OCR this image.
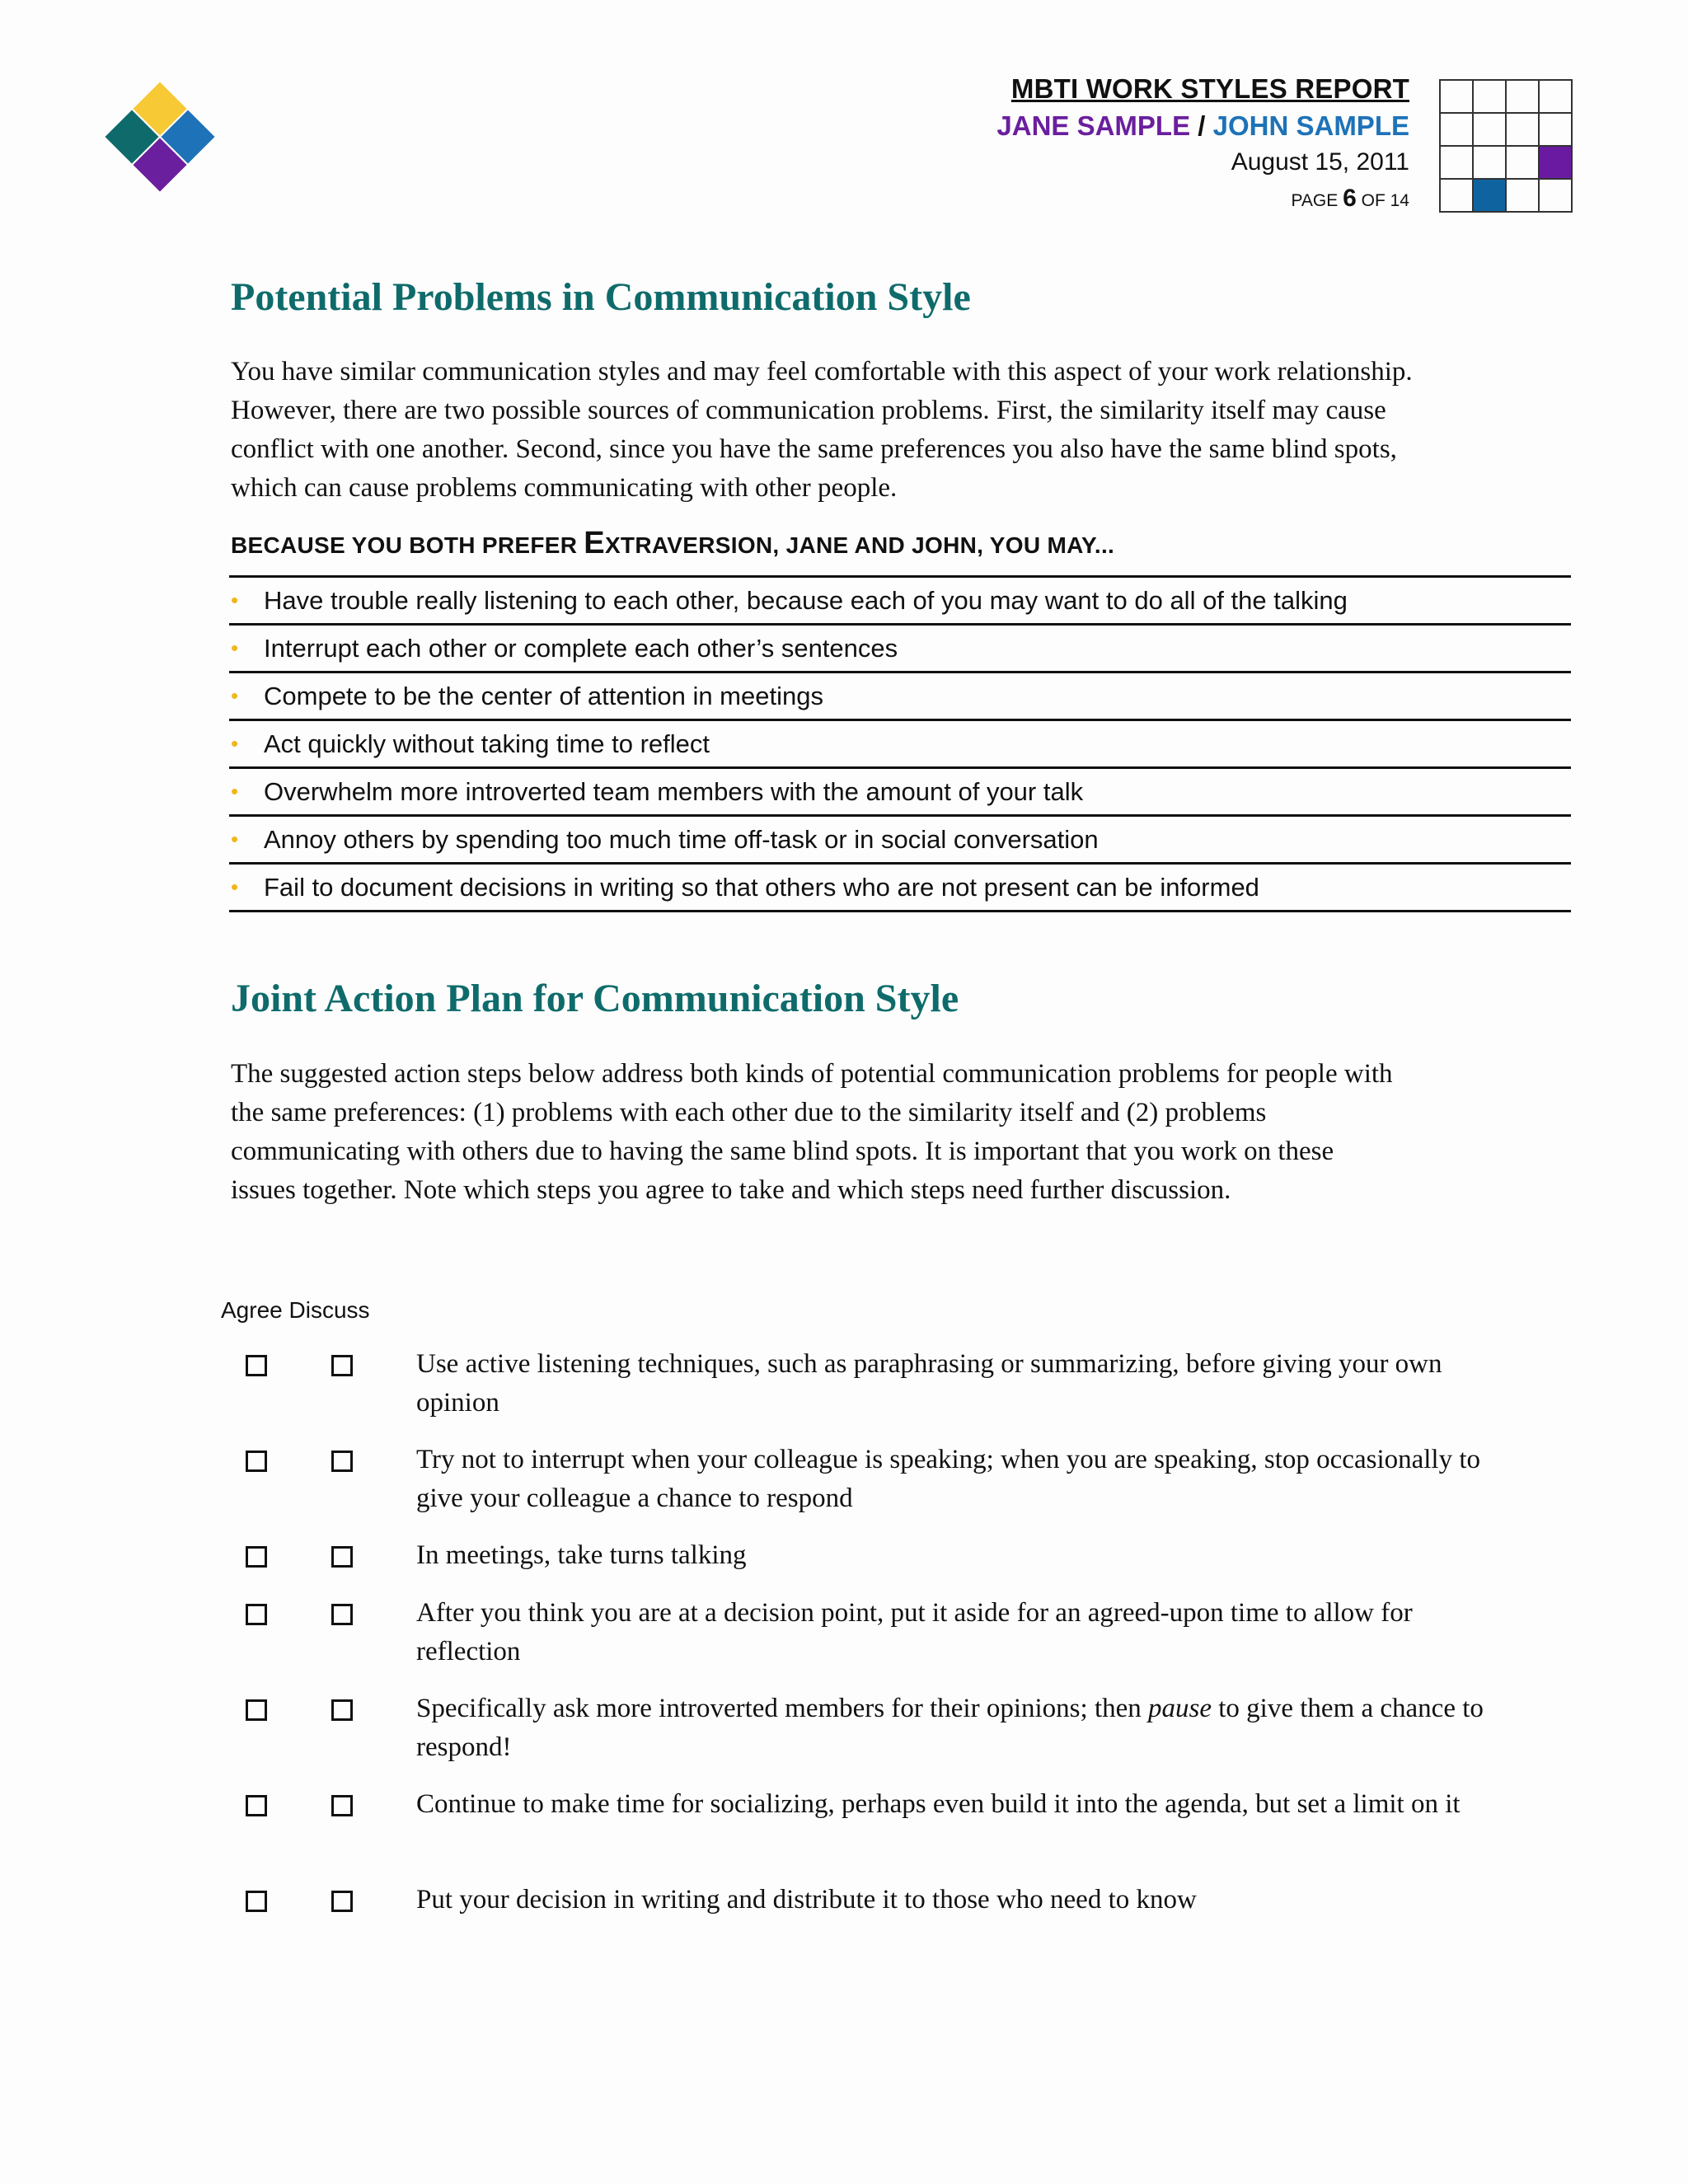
MBTI WORK STYLES REPORT
JANE SAMPLE / JOHN SAMPLE
August 15, 2011
PAGE 6 OF 14
Potential Problems in Communication Style

You have similar communication styles and may feel comfortable with this aspect of your work relationship. However, there are two possible sources of communication problems. First, the similarity itself may cause conflict with one another. Second, since you have the same preferences you also have the same blind spots, which can cause problems communicating with other people.

BECAUSE YOU BOTH PREFER EXTRAVERSION, JANE AND JOHN, YOU MAY...
• Have trouble really listening to each other, because each of you may want to do all of the talking
• Interrupt each other or complete each other’s sentences
• Compete to be the center of attention in meetings
• Act quickly without taking time to reflect
• Overwhelm more introverted team members with the amount of your talk
• Annoy others by spending too much time off-task or in social conversation
• Fail to document decisions in writing so that others who are not present can be informed
Joint Action Plan for Communication Style

The suggested action steps below address both kinds of potential communication problems for people with the same preferences: (1) problems with each other due to the similarity itself and (2) problems communicating with others due to having the same blind spots. It is important that you work on these issues together. Note which steps you agree to take and which steps need further discussion.

Agree Discuss
Use active listening techniques, such as paraphrasing or summarizing, before giving your own opinion
Try not to interrupt when your colleague is speaking; when you are speaking, stop occasionally to give your colleague a chance to respond
In meetings, take turns talking
After you think you are at a decision point, put it aside for an agreed-upon time to allow for reflection
Specifically ask more introverted members for their opinions; then pause to give them a chance to respond!
Continue to make time for socializing, perhaps even build it into the agenda, but set a limit on it
Put your decision in writing and distribute it to those who need to know
